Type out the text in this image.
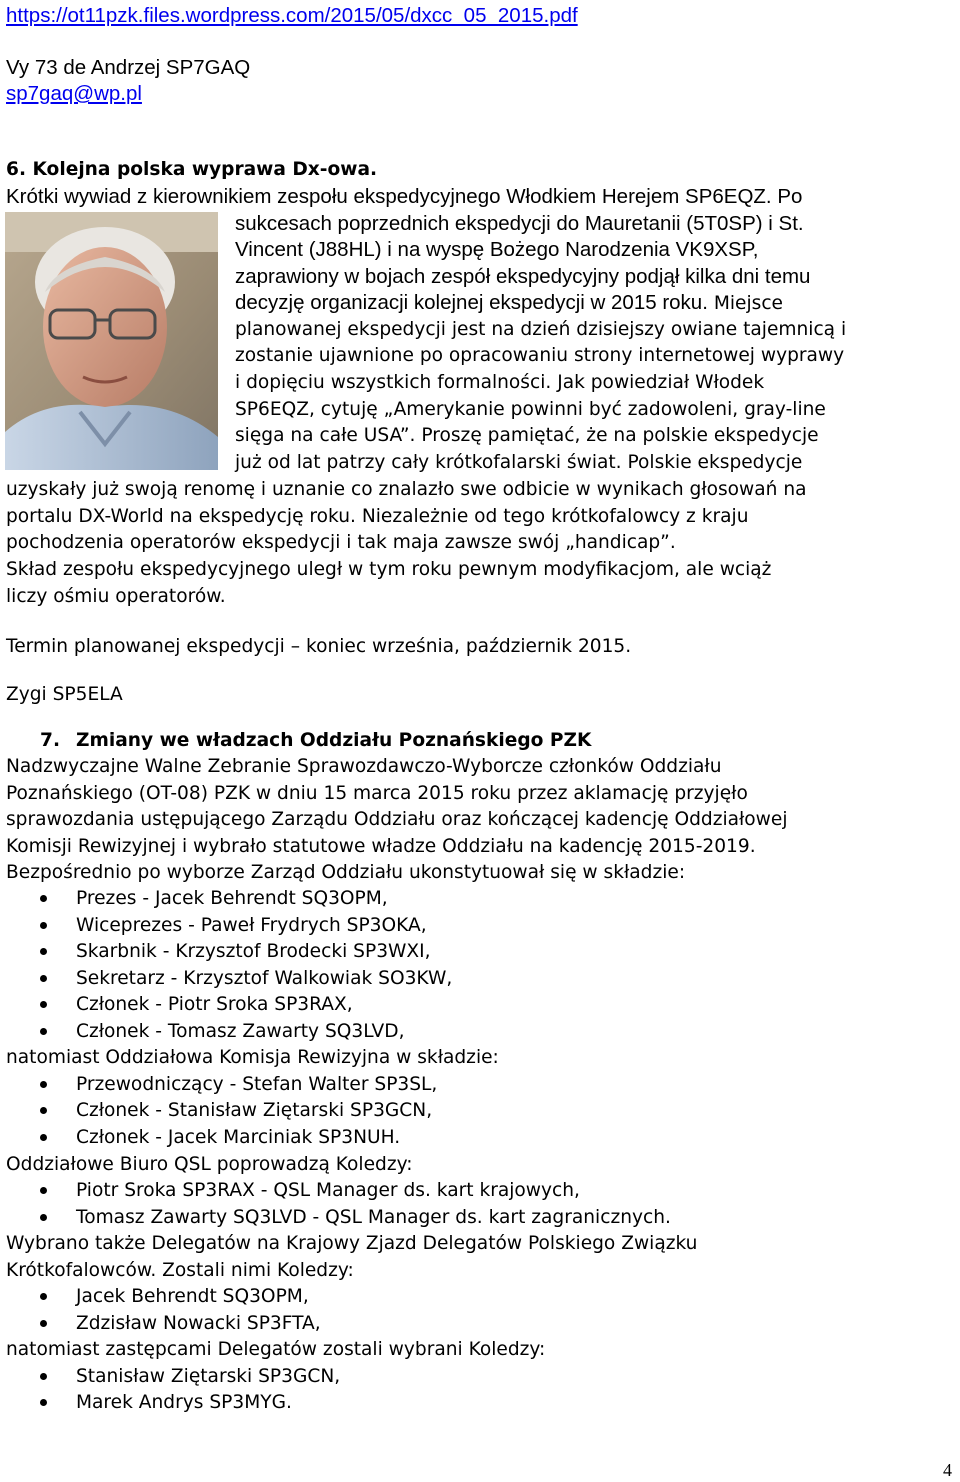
https://ot11pzk.files.wordpress.com/2015/05/dxcc_05_2015.pdf
Vy 73 de Andrzej SP7GAQ
sp7gaq@wp.pl
6. Kolejna polska wyprawa Dx-owa.
Krótki wywiad z kierownikiem zespołu ekspedycyjnego Włodkiem Herejem SP6EQZ. Po
sukcesach poprzednich ekspedycji do Mauretanii (5T0SP) i St.
Vincent (J88HL) i na wyspę Bożego Narodzenia VK9XSP,
zaprawiony w bojach zespół ekspedycyjny podjął kilka dni temu
decyzję organizacji kolejnej ekspedycji w 2015 roku. Miejsce
planowanej ekspedycji jest na dzień dzisiejszy owiane tajemnicą i
zostanie ujawnione po opracowaniu strony internetowej wyprawy
i dopięciu wszystkich formalności. Jak powiedział Włodek
SP6EQZ, cytuję „Amerykanie powinni być zadowoleni, gray-line
sięga na całe USA”. Proszę pamiętać, że na polskie ekspedycje
już od lat patrzy cały krótkofalarski świat. Polskie ekspedycje
uzyskały już swoją renomę i uznanie co znalazło swe odbicie w wynikach głosowań na
portalu DX-World na ekspedycję roku. Niezależnie od tego krótkofalowcy z kraju
pochodzenia operatorów ekspedycji i tak maja zawsze swój „handicap”.
Skład zespołu ekspedycyjnego uległ w tym roku pewnym modyfikacjom, ale wciąż
liczy ośmiu operatorów.
Termin planowanej ekspedycji – koniec września, październik 2015.
Zygi SP5ELA
7. Zmiany we władzach Oddziału Poznańskiego PZK
Nadzwyczajne Walne Zebranie Sprawozdawczo-Wyborcze członków Oddziału
Poznańskiego (OT-08) PZK w dniu 15 marca 2015 roku przez aklamację przyjęło
sprawozdania ustępującego Zarządu Oddziału oraz kończącej kadencję Oddziałowej
Komisji Rewizyjnej i wybrało statutowe władze Oddziału na kadencję 2015-2019.
Bezpośrednio po wyborze Zarząd Oddziału ukonstytuował się w składzie:
Prezes - Jacek Behrendt SQ3OPM,
Wiceprezes - Paweł Frydrych SP3OKA,
Skarbnik - Krzysztof Brodecki SP3WXI,
Sekretarz - Krzysztof Walkowiak SO3KW,
Członek - Piotr Sroka SP3RAX,
Członek - Tomasz Zawarty SQ3LVD,
natomiast Oddziałowa Komisja Rewizyjna w składzie:
Przewodniczący - Stefan Walter SP3SL,
Członek - Stanisław Ziętarski SP3GCN,
Członek - Jacek Marciniak SP3NUH.
Oddziałowe Biuro QSL poprowadzą Koledzy:
Piotr Sroka SP3RAX - QSL Manager ds. kart krajowych,
Tomasz Zawarty SQ3LVD - QSL Manager ds. kart zagranicznych.
Wybrano także Delegatów na Krajowy Zjazd Delegatów Polskiego Związku
Krótkofalowców. Zostali nimi Koledzy:
Jacek Behrendt SQ3OPM,
Zdzisław Nowacki SP3FTA,
natomiast zastępcami Delegatów zostali wybrani Koledzy:
Stanisław Ziętarski SP3GCN,
Marek Andrys SP3MYG.
4
